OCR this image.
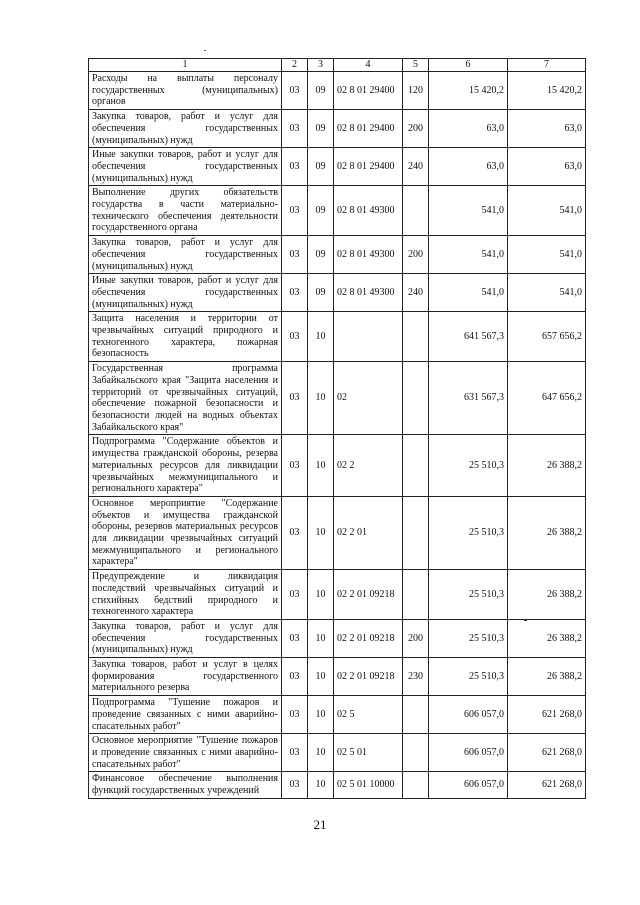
1	2	3	4	5	6	7
Расходы на выплаты персоналу государственных (муниципальных) органов	03	09	02 8 01 29400	120	15 420,2	15 420,2
Закупка товаров, работ и услуг для обеспечения государственных (муниципальных) нужд	03	09	02 8 01 29400	200	63,0	63,0
Иные закупки товаров, работ и услуг для обеспечения государственных (муниципальных) нужд	03	09	02 8 01 29400	240	63,0	63,0
Выполнение других обязательств государства в части материально-технического обеспечения деятельности государственного органа	03	09	02 8 01 49300		541,0	541,0
Закупка товаров, работ и услуг для обеспечения государственных (муниципальных) нужд	03	09	02 8 01 49300	200	541,0	541,0
Иные закупки товаров, работ и услуг для обеспечения государственных (муниципальных) нужд	03	09	02 8 01 49300	240	541,0	541,0
Защита населения и территории от чрезвычайных ситуаций природного и техногенного характера, пожарная безопасность	03	10			641 567,3	657 656,2
Государственная программа Забайкальского края "Защита населения и территорий от чрезвычайных ситуаций, обеспечение пожарной безопасности и безопасности людей на водных объектах Забайкальского края"	03	10	02		631 567,3	647 656,2
Подпрограмма "Содержание объектов и имущества гражданской обороны, резерва материальных ресурсов для ликвидации чрезвычайных межмуниципального и регионального характера"	03	10	02 2		25 510,3	26 388,2
Основное мероприятие "Содержание объектов и имущества гражданской обороны, резервов материальных ресурсов для ликвидации чрезвычайных ситуаций межмуниципального и регионального характера"	03	10	02 2 01		25 510,3	26 388,2
Предупреждение и ликвидация последствий чрезвычайных ситуаций и стихийных бедствий природного и техногенного характера	03	10	02 2 01 09218		25 510,3	26 388,2
Закупка товаров, работ и услуг для обеспечения государственных (муниципальных) нужд	03	10	02 2 01 09218	200	25 510,3	26 388,2
Закупка товаров, работ и услуг в целях формирования государственного материального резерва	03	10	02 2 01 09218	230	25 510,3	26 388,2
Подпрограмма "Тушение пожаров и проведение связанных с ними аварийно-спасательных работ"	03	10	02 5		606 057,0	621 268,0
Основное мероприятие "Тушение пожаров и проведение связанных с ними аварийно-спасательных работ"	03	10	02 5 01		606 057,0	621 268,0
Финансовое обеспечение выполнения функций государственных учреждений	03	10	02 5 01 10000		606 057,0	621 268,0
21
